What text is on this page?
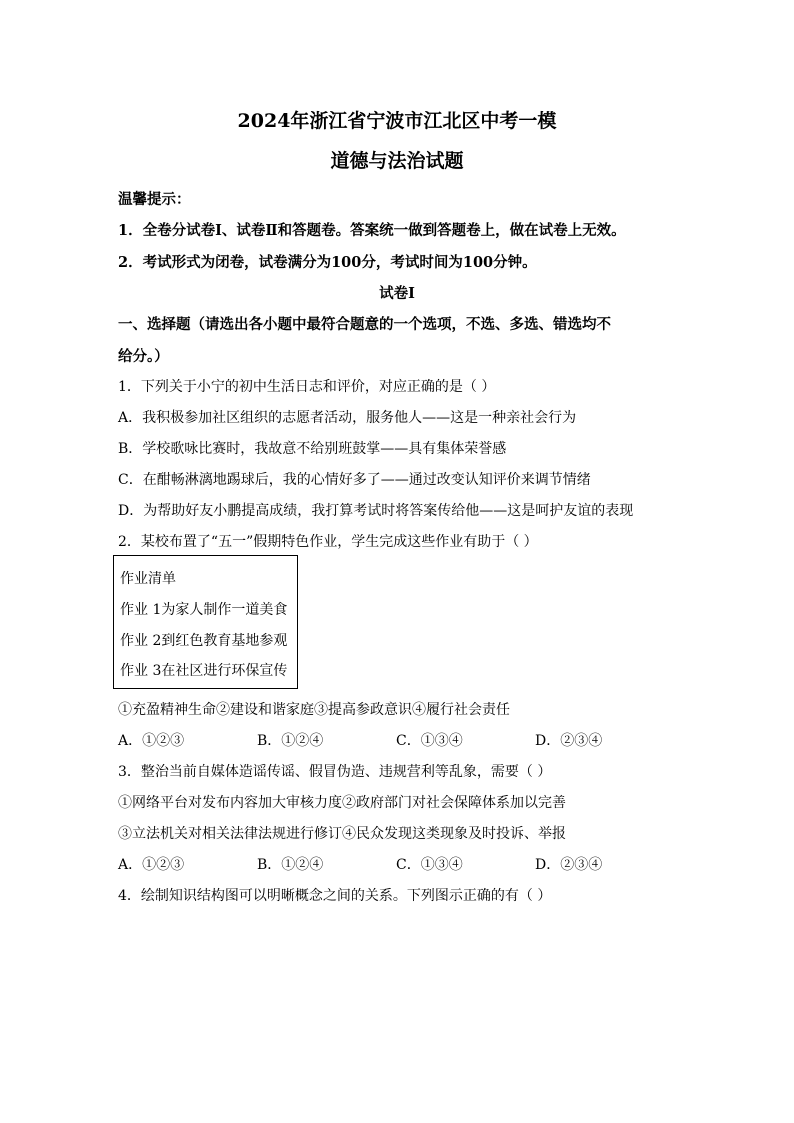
2024年浙江省宁波市江北区中考一模
道德与法治试题
温馨提示：
1．全卷分试卷Ⅰ、试卷Ⅱ和答题卷。答案统一做到答题卷上，做在试卷上无效。
2．考试形式为闭卷，试卷满分为100分，考试时间为100分钟。
试卷Ⅰ
一、选择题（请选出各小题中最符合题意的一个选项，不选、多选、错选均不
给分。）
1．下列关于小宁的初中生活日志和评价，对应正确的是（ ）
A．我积极参加社区组织的志愿者活动，服务他人——这是一种亲社会行为
B．学校歌咏比赛时，我故意不给别班鼓掌——具有集体荣誉感
C．在酣畅淋漓地踢球后，我的心情好多了——通过改变认知评价来调节情绪
D．为帮助好友小鹏提高成绩，我打算考试时将答案传给他——这是呵护友谊的表现
2．某校布置了“五一”假期特色作业，学生完成这些作业有助于（ ）
作业清单
作业 1为家人制作一道美食
作业 2到红色教育基地参观
作业 3在社区进行环保宣传
①充盈精神生命②建设和谐家庭③提高参政意识④履行社会责任
A．①②③	B．①②④	C．①③④	D．②③④
3．整治当前自媒体造谣传谣、假冒伪造、违规营利等乱象，需要（ ）
①网络平台对发布内容加大审核力度②政府部门对社会保障体系加以完善
③立法机关对相关法律法规进行修订④民众发现这类现象及时投诉、举报
A．①②③	B．①②④	C．①③④	D．②③④
4．绘制知识结构图可以明晰概念之间的关系。下列图示正确的有（ ）
